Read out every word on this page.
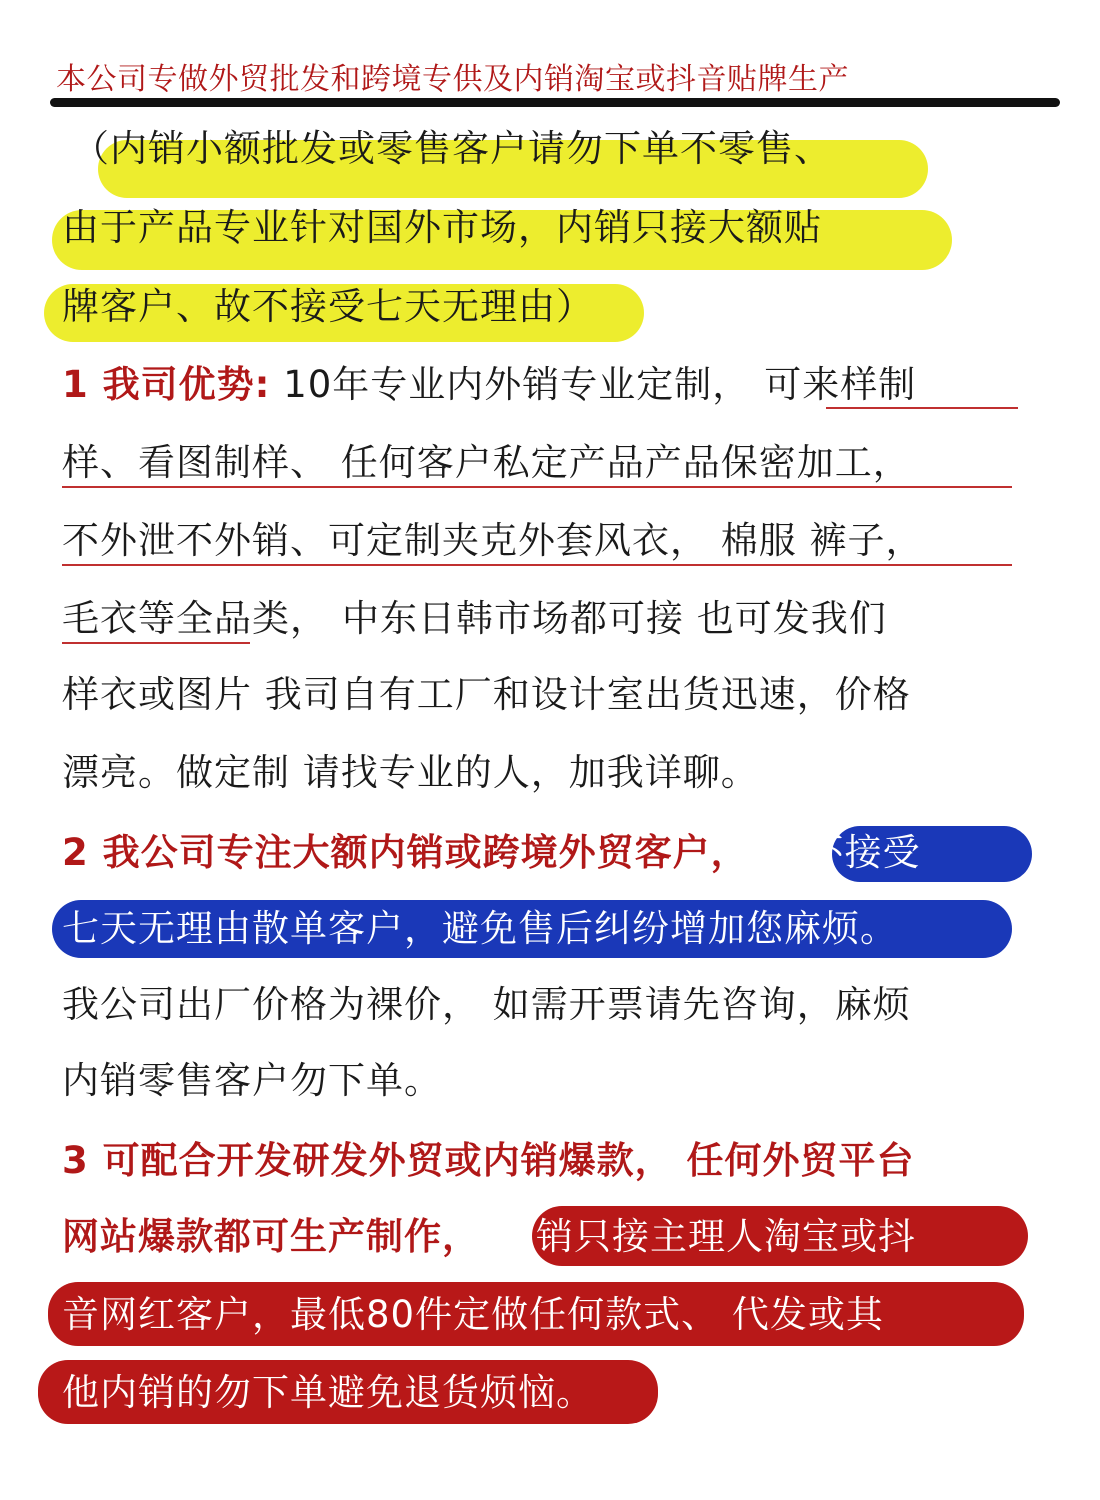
本公司专做外贸批发和跨境专供及内销淘宝或抖音贴牌生产
（内销小额批发或零售客户请勿下单不零售、
由于产品专业针对国外市场，内销只接大额贴
牌客户、故不接受七天无理由）
1 我司优势: 10年专业内外销专业定制， 可来样制
样、看图制样、 任何客户私定产品产品保密加工，
不外泄不外销、可定制夹克外套风衣， 棉服 裤子，
毛衣等全品类， 中东日韩市场都可接 也可发我们
样衣或图片 我司自有工厂和设计室出货迅速，价格
漂亮。做定制 请找专业的人，加我详聊。
2 我公司专注大额内销或跨境外贸客户， 故不接受
七天无理由散单客户，避免售后纠纷增加您麻烦。
我公司出厂价格为裸价， 如需开票请先咨询，麻烦
内销零售客户勿下单。
3 可配合开发研发外贸或内销爆款， 任何外贸平台
网站爆款都可生产制作， 内销只接主理人淘宝或抖
音网红客户，最低80件定做任何款式、 代发或其
他内销的勿下单避免退货烦恼。
